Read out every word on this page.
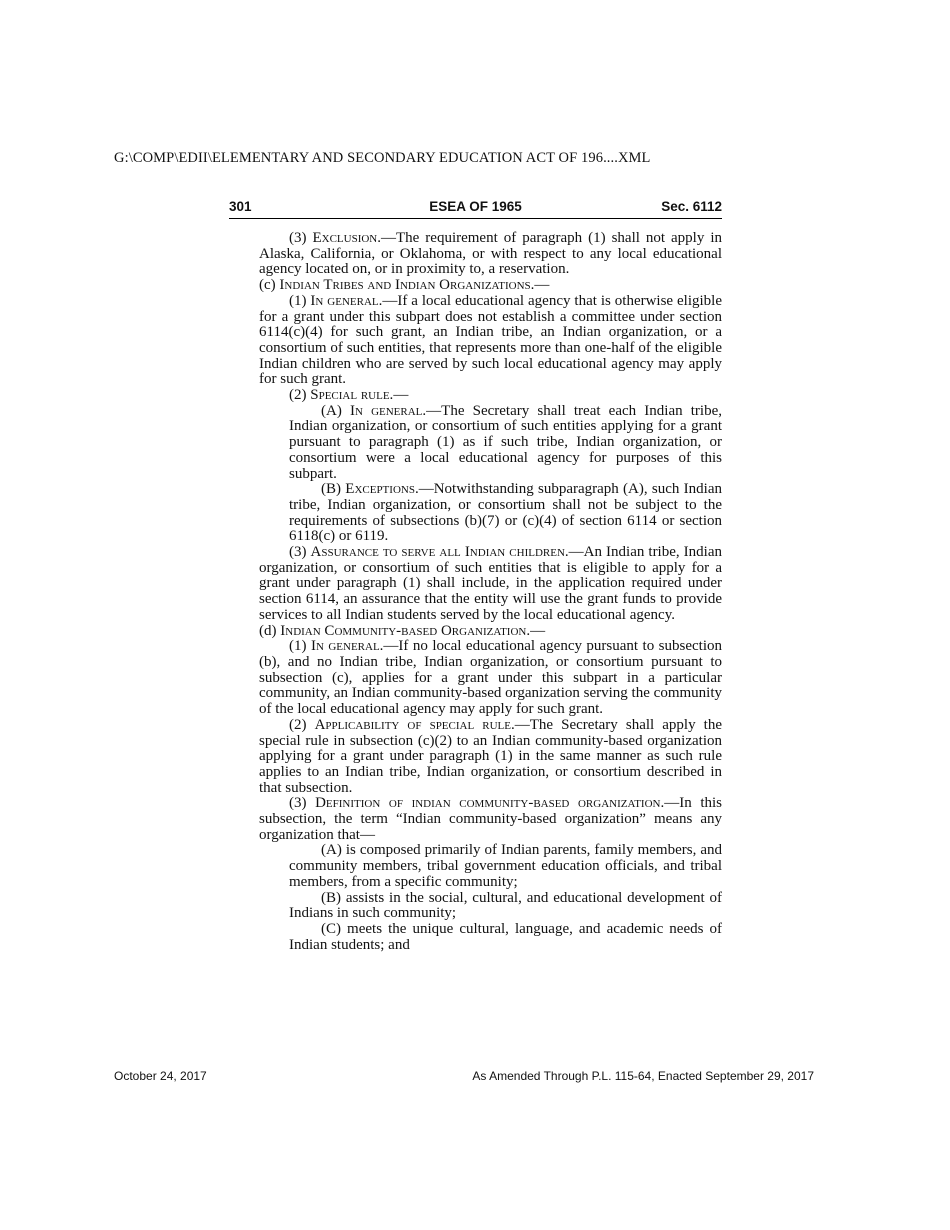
G:\COMP\EDII\ELEMENTARY AND SECONDARY EDUCATION ACT OF 196....XML
ESEA OF 1965
301	Sec. 6112

(3) Exclusion.—The requirement of paragraph (1) shall not apply in Alaska, California, or Oklahoma, or with respect to any local educational agency located on, or in proximity to, a reservation.

(c) Indian Tribes and Indian Organizations.—

(1) In general.—If a local educational agency that is otherwise eligible for a grant under this subpart does not establish a committee under section 6114(c)(4) for such grant, an Indian tribe, an Indian organization, or a consortium of such entities, that represents more than one-half of the eligible Indian children who are served by such local educational agency may apply for such grant.

(2) Special rule.—

(A) In general.—The Secretary shall treat each Indian tribe, Indian organization, or consortium of such entities applying for a grant pursuant to paragraph (1) as if such tribe, Indian organization, or consortium were a local educational agency for purposes of this subpart.

(B) Exceptions.—Notwithstanding subparagraph (A), such Indian tribe, Indian organization, or consortium shall not be subject to the requirements of subsections (b)(7) or (c)(4) of section 6114 or section 6118(c) or 6119.

(3) Assurance to serve all Indian children.—An Indian tribe, Indian organization, or consortium of such entities that is eligible to apply for a grant under paragraph (1) shall include, in the application required under section 6114, an assurance that the entity will use the grant funds to provide services to all Indian students served by the local educational agency.

(d) Indian Community-based Organization.—

(1) In general.—If no local educational agency pursuant to subsection (b), and no Indian tribe, Indian organization, or consortium pursuant to subsection (c), applies for a grant under this subpart in a particular community, an Indian community-based organization serving the community of the local educational agency may apply for such grant.

(2) Applicability of special rule.—The Secretary shall apply the special rule in subsection (c)(2) to an Indian community-based organization applying for a grant under paragraph (1) in the same manner as such rule applies to an Indian tribe, Indian organization, or consortium described in that subsection.

(3) Definition of indian community-based organization.—In this subsection, the term “Indian community-based organization” means any organization that—

(A) is composed primarily of Indian parents, family members, and community members, tribal government education officials, and tribal members, from a specific community;

(B) assists in the social, cultural, and educational development of Indians in such community;

(C) meets the unique cultural, language, and academic needs of Indian students; and

October 24, 2017	As Amended Through P.L. 115-64, Enacted September 29, 2017
